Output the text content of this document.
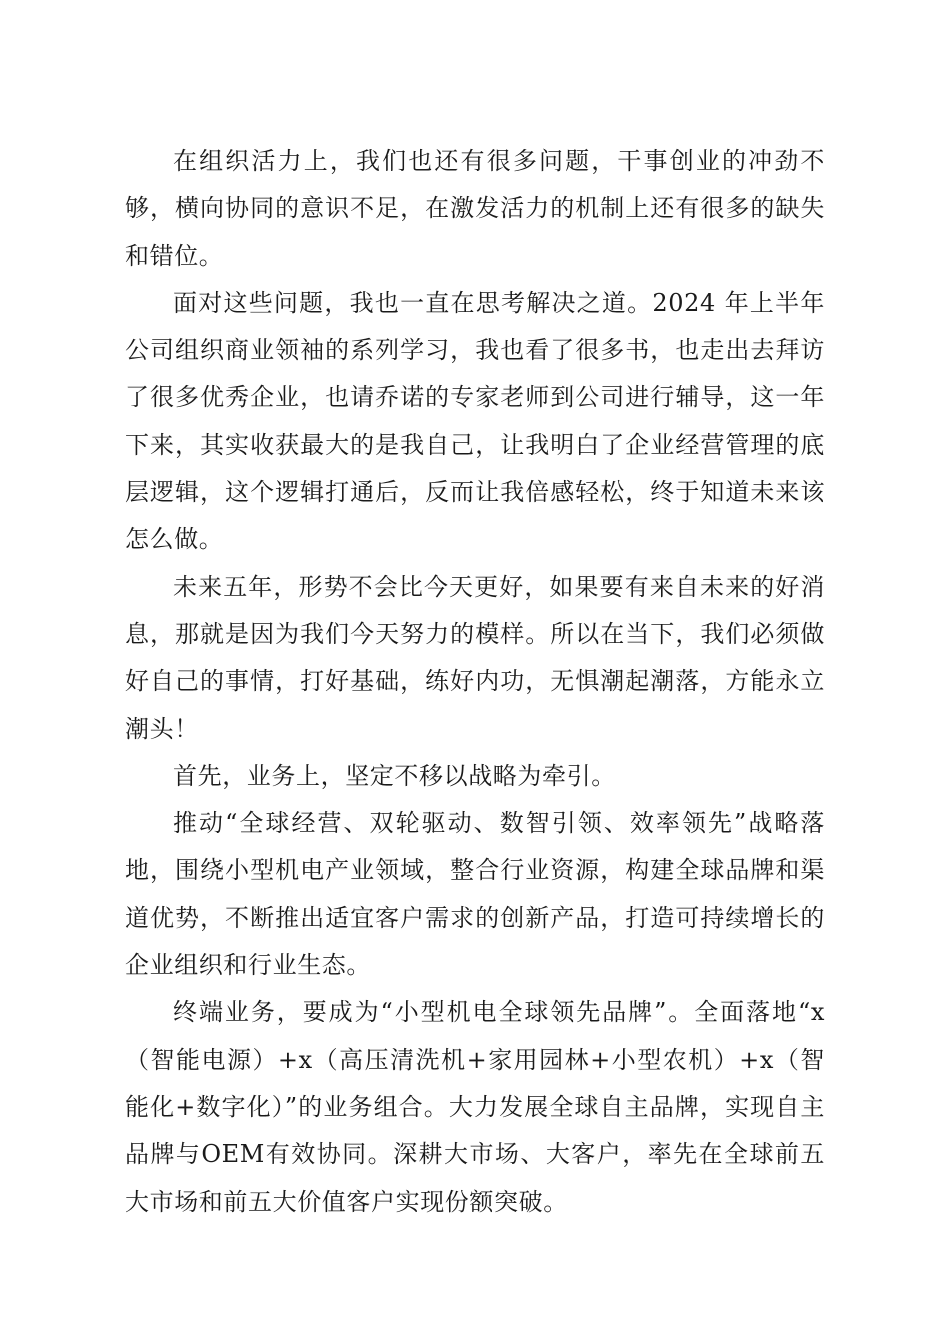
在组织活力上，我们也还有很多问题，干事创业的冲劲不够，横向协同的意识不足，在激发活力的机制上还有很多的缺失和错位。

面对这些问题，我也一直在思考解决之道。2024 年上半年公司组织商业领袖的系列学习，我也看了很多书，也走出去拜访了很多优秀企业，也请乔诺的专家老师到公司进行辅导，这一年下来，其实收获最大的是我自己，让我明白了企业经营管理的底层逻辑，这个逻辑打通后，反而让我倍感轻松，终于知道未来该怎么做。

未来五年，形势不会比今天更好，如果要有来自未来的好消息，那就是因为我们今天努力的模样。所以在当下，我们必须做好自己的事情，打好基础，练好内功，无惧潮起潮落，方能永立潮头！

首先，业务上，坚定不移以战略为牵引。

推动“全球经营、双轮驱动、数智引领、效率领先”战略落地，围绕小型机电产业领域，整合行业资源，构建全球品牌和渠道优势，不断推出适宜客户需求的创新产品，打造可持续增长的企业组织和行业生态。

终端业务，要成为“小型机电全球领先品牌”。全面落地“x（智能电源）+x（高压清洗机+家用园林+小型农机）+x（智能化+数字化）”的业务组合。大力发展全球自主品牌，实现自主品牌与OEM有效协同。深耕大市场、大客户，率先在全球前五大市场和前五大价值客户实现份额突破。
